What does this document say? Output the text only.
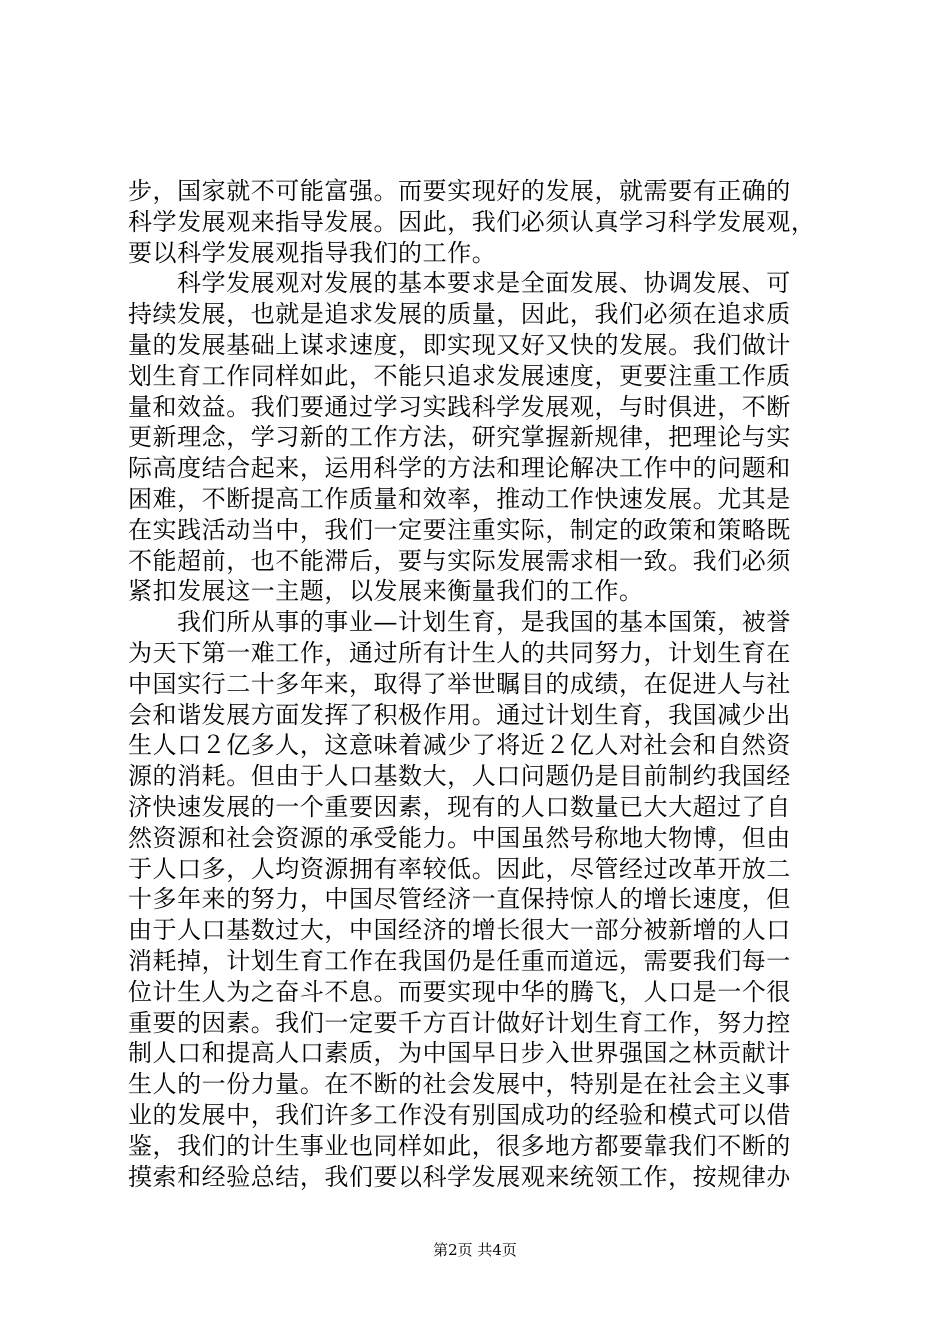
步，国家就不可能富强。而要实现好的发展，就需要有正确的
科学发展观来指导发展。因此，我们必须认真学习科学发展观，
要以科学发展观指导我们的工作。
科学发展观对发展的基本要求是全面发展、协调发展、可
持续发展，也就是追求发展的质量，因此，我们必须在追求质
量的发展基础上谋求速度，即实现又好又快的发展。我们做计
划生育工作同样如此，不能只追求发展速度，更要注重工作质
量和效益。我们要通过学习实践科学发展观，与时俱进，不断
更新理念，学习新的工作方法，研究掌握新规律，把理论与实
际高度结合起来，运用科学的方法和理论解决工作中的问题和
困难，不断提高工作质量和效率，推动工作快速发展。尤其是
在实践活动当中，我们一定要注重实际，制定的政策和策略既
不能超前，也不能滞后，要与实际发展需求相一致。我们必须
紧扣发展这一主题，以发展来衡量我们的工作。
我们所从事的事业—计划生育，是我国的基本国策，被誉
为天下第一难工作，通过所有计生人的共同努力，计划生育在
中国实行二十多年来，取得了举世瞩目的成绩，在促进人与社
会和谐发展方面发挥了积极作用。通过计划生育，我国减少出
生人口２亿多人，这意味着减少了将近２亿人对社会和自然资
源的消耗。但由于人口基数大，人口问题仍是目前制约我国经
济快速发展的一个重要因素，现有的人口数量已大大超过了自
然资源和社会资源的承受能力。中国虽然号称地大物博，但由
于人口多，人均资源拥有率较低。因此，尽管经过改革开放二
十多年来的努力，中国尽管经济一直保持惊人的增长速度，但
由于人口基数过大，中国经济的增长很大一部分被新增的人口
消耗掉，计划生育工作在我国仍是任重而道远，需要我们每一
位计生人为之奋斗不息。而要实现中华的腾飞，人口是一个很
重要的因素。我们一定要千方百计做好计划生育工作，努力控
制人口和提高人口素质，为中国早日步入世界强国之林贡献计
生人的一份力量。在不断的社会发展中，特别是在社会主义事
业的发展中，我们许多工作没有别国成功的经验和模式可以借
鉴，我们的计生事业也同样如此，很多地方都要靠我们不断的
摸索和经验总结，我们要以科学发展观来统领工作，按规律办
第2页 共4页
